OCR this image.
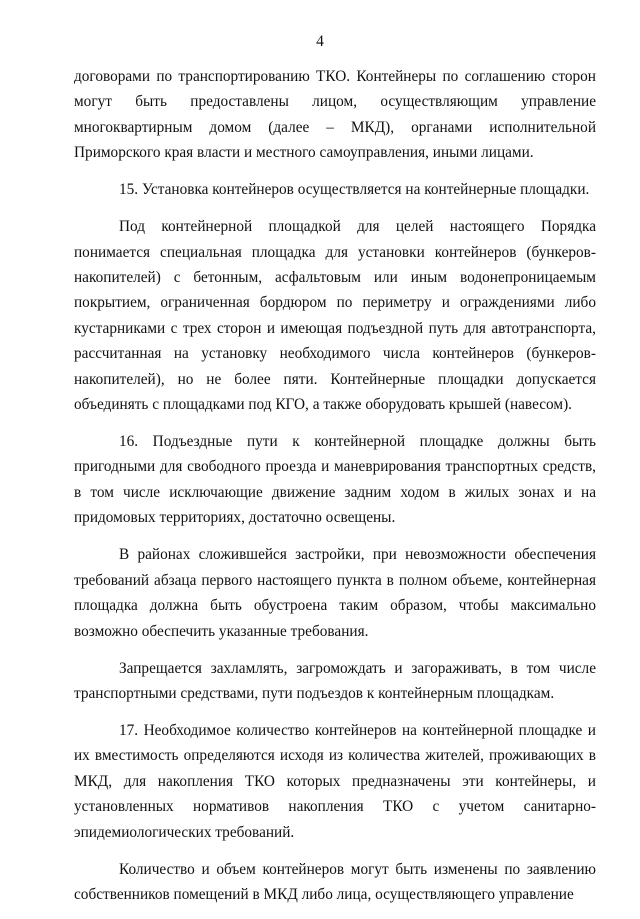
4

договорами по транспортированию ТКО. Контейнеры по соглашению сторон могут быть предоставлены лицом, осуществляющим управление многоквартирным домом (далее – МКД), органами исполнительной Приморского края власти и местного самоуправления, иными лицами.

15. Установка контейнеров осуществляется на контейнерные площадки.

Под контейнерной площадкой для целей настоящего Порядка понимается специальная площадка для установки контейнеров (бункеров-накопителей) с бетонным, асфальтовым или иным водонепроницаемым покрытием, ограниченная бордюром по периметру и ограждениями либо кустарниками с трех сторон и имеющая подъездной путь для автотранспорта, рассчитанная на установку необходимого числа контейнеров (бункеров-накопителей), но не более пяти. Контейнерные площадки допускается объединять с площадками под КГО, а также оборудовать крышей (навесом).

16. Подъездные пути к контейнерной площадке должны быть пригодными для свободного проезда и маневрирования транспортных средств, в том числе исключающие движение задним ходом в жилых зонах и на придомовых территориях, достаточно освещены.

В районах сложившейся застройки, при невозможности обеспечения требований абзаца первого настоящего пункта в полном объеме, контейнерная площадка должна быть обустроена таким образом, чтобы максимально возможно обеспечить указанные требования.

Запрещается захламлять, загромождать и загораживать, в том числе транспортными средствами, пути подъездов к контейнерным площадкам.

17. Необходимое количество контейнеров на контейнерной площадке и их вместимость определяются исходя из количества жителей, проживающих в МКД, для накопления ТКО которых предназначены эти контейнеры, и установленных нормативов накопления ТКО с учетом санитарно-эпидемиологических требований.

Количество и объем контейнеров могут быть изменены по заявлению собственников помещений в МКД либо лица, осуществляющего управление
